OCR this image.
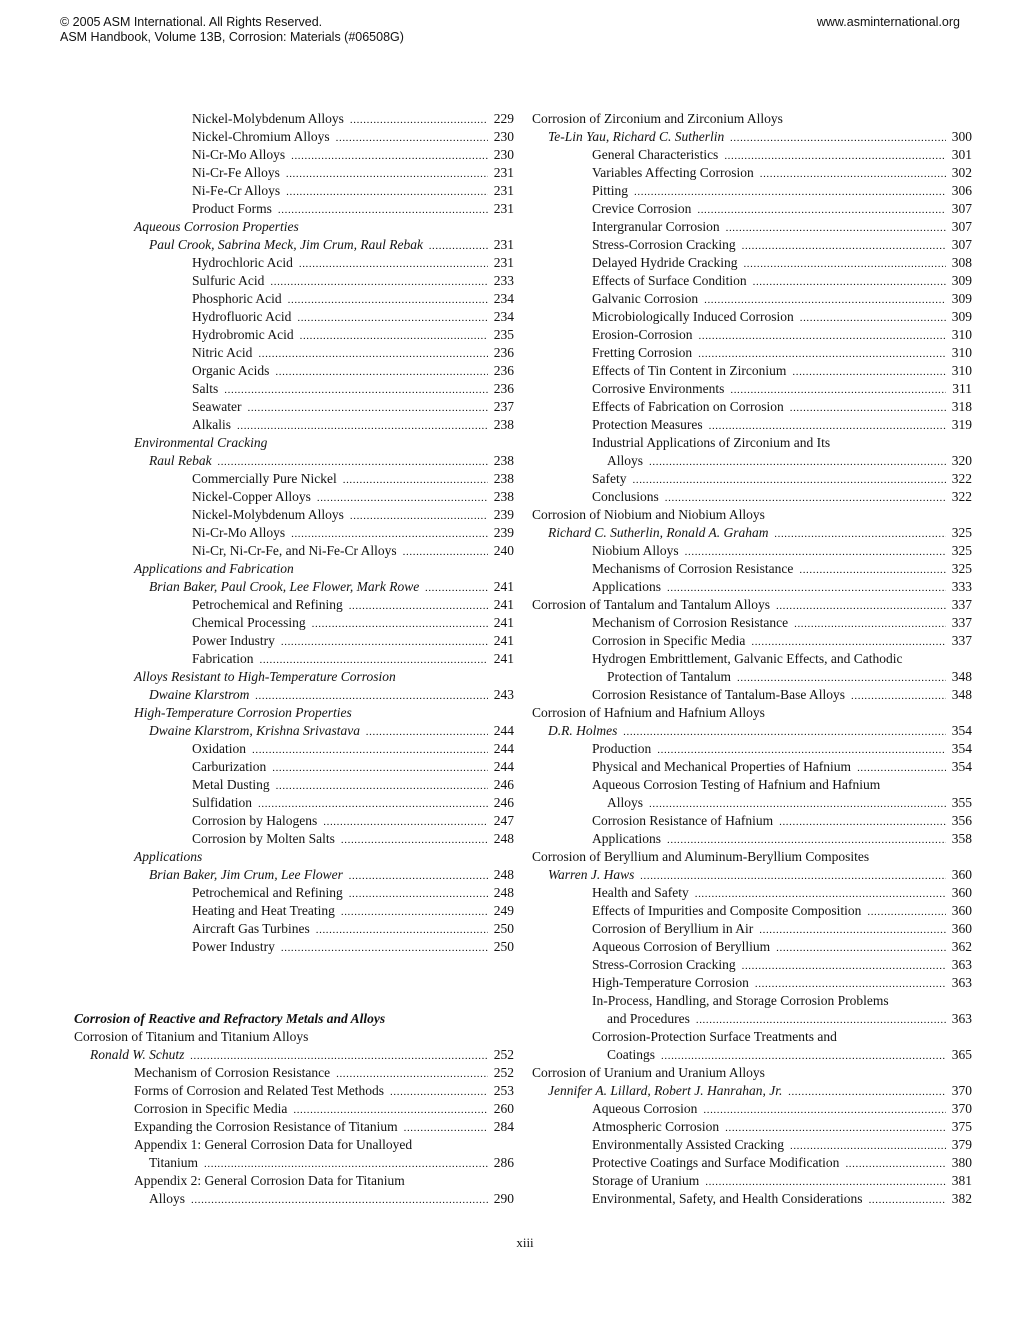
© 2005 ASM International. All Rights Reserved.
ASM Handbook, Volume 13B, Corrosion: Materials (#06508G)
www.asminternational.org
Nickel-Molybdenum Alloys .....	229
Nickel-Chromium Alloys .....	230
Ni-Cr-Mo Alloys .....	230
Ni-Cr-Fe Alloys .....	231
Ni-Fe-Cr Alloys .....	231
Product Forms .....	231
Aqueous Corrosion Properties
Paul Crook, Sabrina Meck, Jim Crum, Raul Rebak .....	231
Hydrochloric Acid .....	231
Sulfuric Acid .....	233
Phosphoric Acid .....	234
Hydrofluoric Acid .....	234
Hydrobromic Acid .....	235
Nitric Acid .....	236
Organic Acids .....	236
Salts .....	236
Seawater .....	237
Alkalis .....	238
Environmental Cracking
Raul Rebak .....	238
Commercially Pure Nickel .....	238
Nickel-Copper Alloys .....	238
Nickel-Molybdenum Alloys .....	239
Ni-Cr-Mo Alloys .....	239
Ni-Cr, Ni-Cr-Fe, and Ni-Fe-Cr Alloys .....	240
Applications and Fabrication
Brian Baker, Paul Crook, Lee Flower, Mark Rowe .....	241
Petrochemical and Refining .....	241
Chemical Processing .....	241
Power Industry .....	241
Fabrication .....	241
Alloys Resistant to High-Temperature Corrosion
Dwaine Klarstrom .....	243
High-Temperature Corrosion Properties
Dwaine Klarstrom, Krishna Srivastava .....	244
Oxidation .....	244
Carburization .....	244
Metal Dusting .....	246
Sulfidation .....	246
Corrosion by Halogens .....	247
Corrosion by Molten Salts .....	248
Applications
Brian Baker, Jim Crum, Lee Flower .....	248
Petrochemical and Refining .....	248
Heating and Heat Treating .....	249
Aircraft Gas Turbines .....	250
Power Industry .....	250
Corrosion of Reactive and Refractory Metals and Alloys
Corrosion of Titanium and Titanium Alloys
Ronald W. Schutz .....	252
Mechanism of Corrosion Resistance .....	252
Forms of Corrosion and Related Test Methods .....	253
Corrosion in Specific Media .....	260
Expanding the Corrosion Resistance of Titanium .....	284
Appendix 1: General Corrosion Data for Unalloyed
Titanium .....	286
Appendix 2: General Corrosion Data for Titanium
Alloys .....	290
Corrosion of Zirconium and Zirconium Alloys
Te-Lin Yau, Richard C. Sutherlin .....	300
General Characteristics .....	301
Variables Affecting Corrosion .....	302
Pitting .....	306
Crevice Corrosion .....	307
Intergranular Corrosion .....	307
Stress-Corrosion Cracking .....	307
Delayed Hydride Cracking .....	308
Effects of Surface Condition .....	309
Galvanic Corrosion .....	309
Microbiologically Induced Corrosion .....	309
Erosion-Corrosion .....	310
Fretting Corrosion .....	310
Effects of Tin Content in Zirconium .....	310
Corrosive Environments .....	311
Effects of Fabrication on Corrosion .....	318
Protection Measures .....	319
Industrial Applications of Zirconium and Its
Alloys .....	320
Safety .....	322
Conclusions .....	322
Corrosion of Niobium and Niobium Alloys
Richard C. Sutherlin, Ronald A. Graham .....	325
Niobium Alloys .....	325
Mechanisms of Corrosion Resistance .....	325
Applications .....	333
Corrosion of Tantalum and Tantalum Alloys .....	337
Mechanism of Corrosion Resistance .....	337
Corrosion in Specific Media .....	337
Hydrogen Embrittlement, Galvanic Effects, and Cathodic
Protection of Tantalum .....	348
Corrosion Resistance of Tantalum-Base Alloys .....	348
Corrosion of Hafnium and Hafnium Alloys
D.R. Holmes .....	354
Production .....	354
Physical and Mechanical Properties of Hafnium .....	354
Aqueous Corrosion Testing of Hafnium and Hafnium
Alloys .....	355
Corrosion Resistance of Hafnium .....	356
Applications .....	358
Corrosion of Beryllium and Aluminum-Beryllium Composites
Warren J. Haws .....	360
Health and Safety .....	360
Effects of Impurities and Composite Composition .....	360
Corrosion of Beryllium in Air .....	360
Aqueous Corrosion of Beryllium .....	362
Stress-Corrosion Cracking .....	363
High-Temperature Corrosion .....	363
In-Process, Handling, and Storage Corrosion Problems
and Procedures .....	363
Corrosion-Protection Surface Treatments and
Coatings .....	365
Corrosion of Uranium and Uranium Alloys
Jennifer A. Lillard, Robert J. Hanrahan, Jr. .....	370
Aqueous Corrosion .....	370
Atmospheric Corrosion .....	375
Environmentally Assisted Cracking .....	379
Protective Coatings and Surface Modification .....	380
Storage of Uranium .....	381
Environmental, Safety, and Health Considerations .....	382
xiii
